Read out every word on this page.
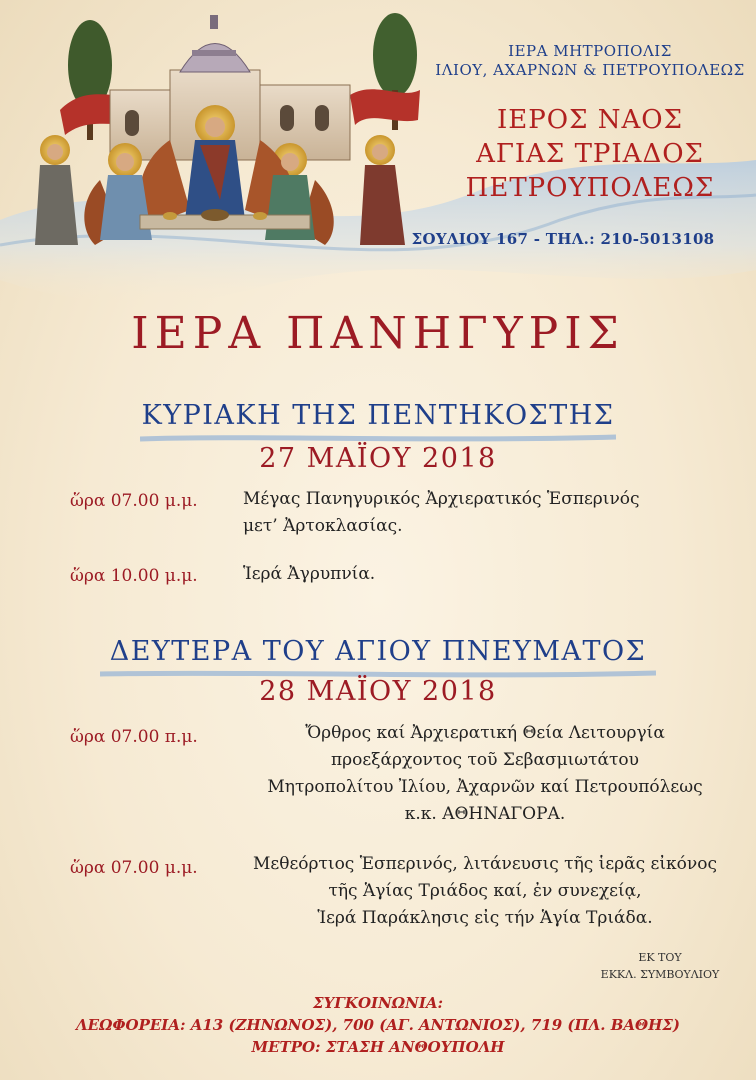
ΙΕΡΑ ΜΗΤΡΟΠΟΛΙΣ
ΙΛΙΟΥ, ΑΧΑΡΝΩΝ & ΠΕΤΡΟΥΠΟΛΕΩΣ
ΙΕΡΟΣ ΝΑΟΣ
ΑΓΙΑΣ ΤΡΙΑΔΟΣ
ΠΕΤΡΟΥΠΟΛΕΩΣ
ΣΟΥΛΙΟΥ 167 - ΤΗΛ.: 210-5013108
ΙΕΡΑ ΠΑΝΗΓΥΡΙΣ
ΚΥΡΙΑΚΗ ΤΗΣ ΠΕΝΤΗΚΟΣΤΗΣ
27 ΜΑΪΟΥ 2018
ὥρα 07.00 μ.μ.	Μέγας Πανηγυρικός Ἀρχιερατικός Ἑσπερινός
μετ’ Ἀρτοκλασίας.
ὥρα 10.00 μ.μ.	Ἱερά Ἀγρυπνία.
ΔΕΥΤΕΡΑ ΤΟΥ ΑΓΙΟΥ ΠΝΕΥΜΑΤΟΣ
28 ΜΑΪΟΥ 2018
ὥρα 07.00 π.μ.	Ὄρθρος καί Ἀρχιερατική Θεία Λειτουργία
προεξάρχοντος τοῦ Σεβασμιωτάτου
Μητροπολίτου Ἰλίου, Ἀχαρνῶν καί Πετρουπόλεως
κ.κ. ΑΘΗΝΑΓΟΡΑ.
ὥρα 07.00 μ.μ.	Μεθεόρτιος Ἑσπερινός, λιτάνευσις τῆς ἱερᾶς εἰκόνος
τῆς Ἁγίας Τριάδος καί, ἐν συνεχείᾳ,
Ἱερά Παράκλησις εἰς τήν Ἁγία Τριάδα.
ΕΚ ΤΟΥ
ΕΚΚΛ. ΣΥΜΒΟΥΛΙΟΥ
ΣΥΓΚΟΙΝΩΝΙΑ:
ΛΕΩΦΟΡΕΙΑ: Α13 (ΖΗΝΩΝΟΣ), 700 (ΑΓ. ΑΝΤΩΝΙΟΣ), 719 (ΠΛ. ΒΑΘΗΣ)
ΜΕΤΡΟ: ΣΤΑΣΗ ΑΝΘΟΥΠΟΛΗ
